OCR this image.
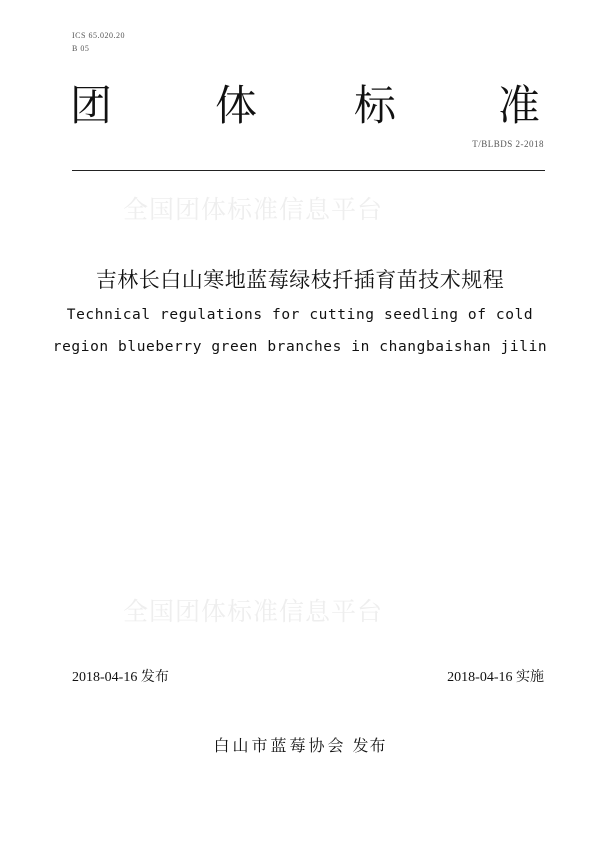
ICS 65.020.20
B 05
团 体 标 准
T/BLBDS 2-2018
全国团体标准信息平台
吉林长白山寒地蓝莓绿枝扦插育苗技术规程
Technical regulations for cutting seedling of cold
region blueberry green branches in changbaishan jilin
全国团体标准信息平台
2018-04-16 发布	2018-04-16 实施
白山市蓝莓协会 发布
